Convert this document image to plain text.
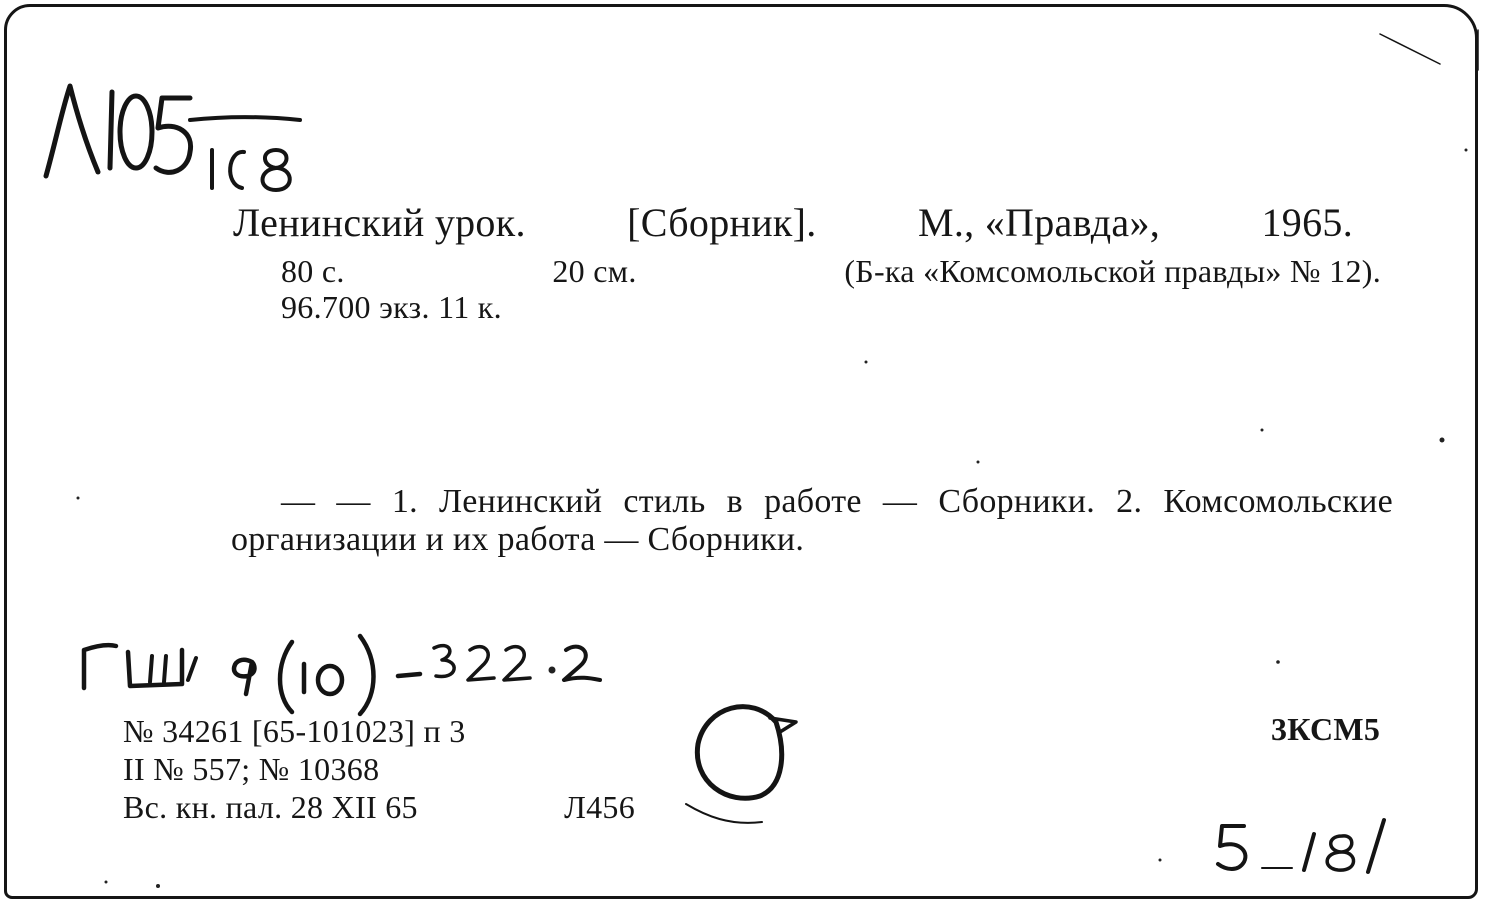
Ленинский урок.	[Сборник].	М., «Правда»,	1965.
80 с.	20 см.	(Б-ка «Комсомольской правды» № 12).
96.700 экз. 11 к.
— — 1. Ленинский стиль в работе — Сборники. 2. Комсомольские
организации и их работа — Сборники.
№ 34261 [65-101023] п 3
II № 557; № 10368
Вс. кн. пал. 28 XII 65	Л456
3КСМ5
